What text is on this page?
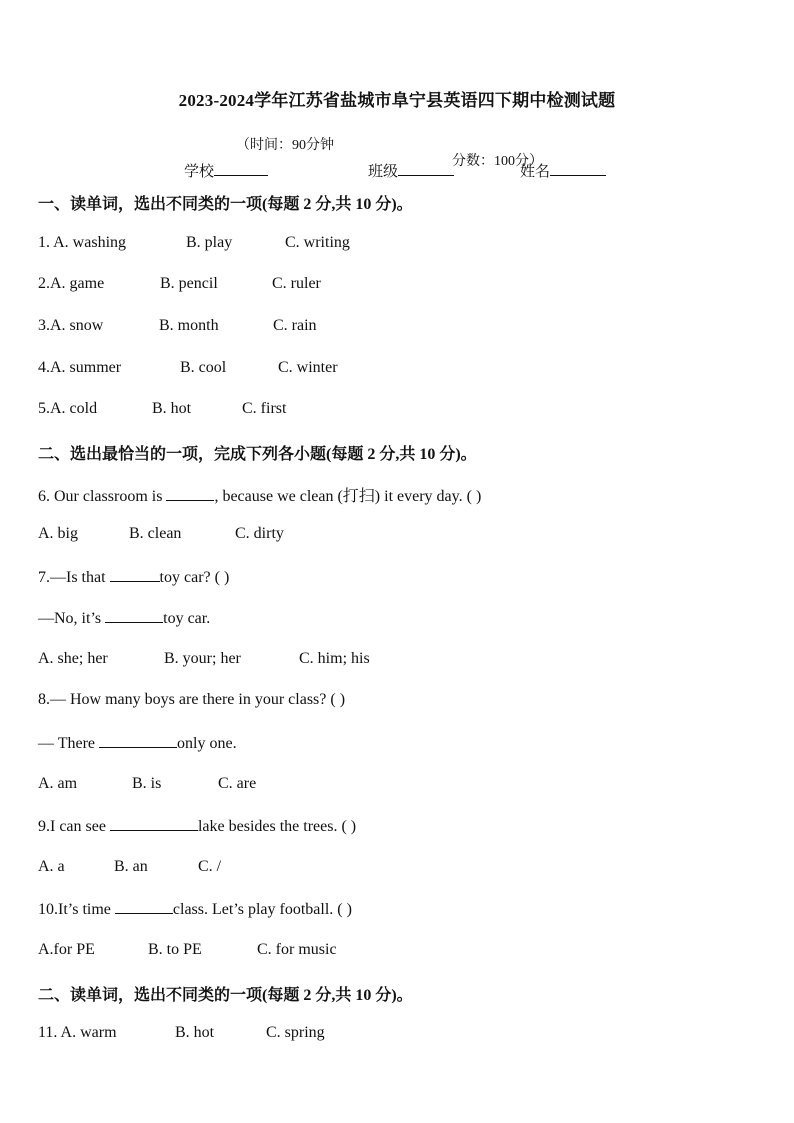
2023-2024学年江苏省盐城市阜宁县英语四下期中检测试题

（时间：90分钟

分数：100分）

学校	班级	姓名
一、读单词，选出不同类的一项(每题 2 分,共 10 分)。
1. A. washing	B. play	C. writing
2.A. game	B. pencil	C. ruler
3.A. snow	B. month	C. rain
4.A. summer	B. cool	C. winter
5.A. cold	B. hot	C. first
二、选出最恰当的一项，完成下列各小题(每题 2 分,共 10 分)。
6. Our classroom is	, because we clean (打扫) it every day. ( )
A. big	B. clean	C. dirty
7.—Is that	toy car? ( )
—No, it’s	toy car.
A. she; her	B. your; her	C. him; his
8.— How many boys are there in your class? ( )
— There	only one.
A. am	B. is	C. are
9.I can see	lake besides the trees. ( )
A. a	B. an	C. /
10.It’s time	class. Let’s play football. ( )
A.for PE	B. to PE	C. for music
二、读单词，选出不同类的一项(每题 2 分,共 10 分)。
11. A. warm	B. hot	C. spring
